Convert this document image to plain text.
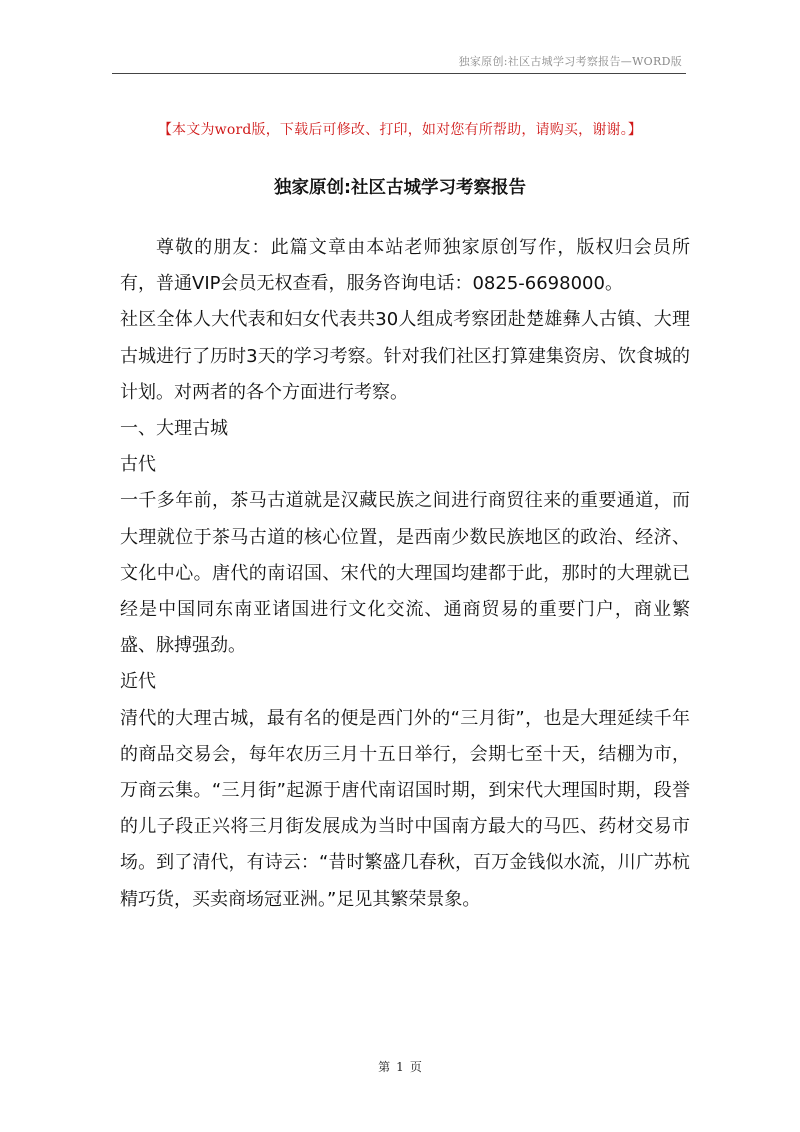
独家原创:社区古城学习考察报告—WORD版
【本文为word版，下载后可修改、打印，如对您有所帮助，请购买，谢谢。】
独家原创:社区古城学习考察报告

尊敬的朋友：此篇文章由本站老师独家原创写作，版权归会员所有，普通VIP会员无权查看，服务咨询电话：0825-6698000。

社区全体人大代表和妇女代表共30人组成考察团赴楚雄彝人古镇、大理古城进行了历时3天的学习考察。针对我们社区打算建集资房、饮食城的计划。对两者的各个方面进行考察。

一、大理古城

古代

一千多年前，茶马古道就是汉藏民族之间进行商贸往来的重要通道，而大理就位于茶马古道的核心位置，是西南少数民族地区的政治、经济、文化中心。唐代的南诏国、宋代的大理国均建都于此，那时的大理就已经是中国同东南亚诸国进行文化交流、通商贸易的重要门户，商业繁盛、脉搏强劲。

近代

清代的大理古城，最有名的便是西门外的“三月街”，也是大理延续千年的商品交易会，每年农历三月十五日举行，会期七至十天，结棚为市，万商云集。“三月街”起源于唐代南诏国时期，到宋代大理国时期，段誉的儿子段正兴将三月街发展成为当时中国南方最大的马匹、药材交易市场。到了清代，有诗云：“昔时繁盛几春秋，百万金钱似水流，川广苏杭精巧货，买卖商场冠亚洲。”足见其繁荣景象。

第 1 页
